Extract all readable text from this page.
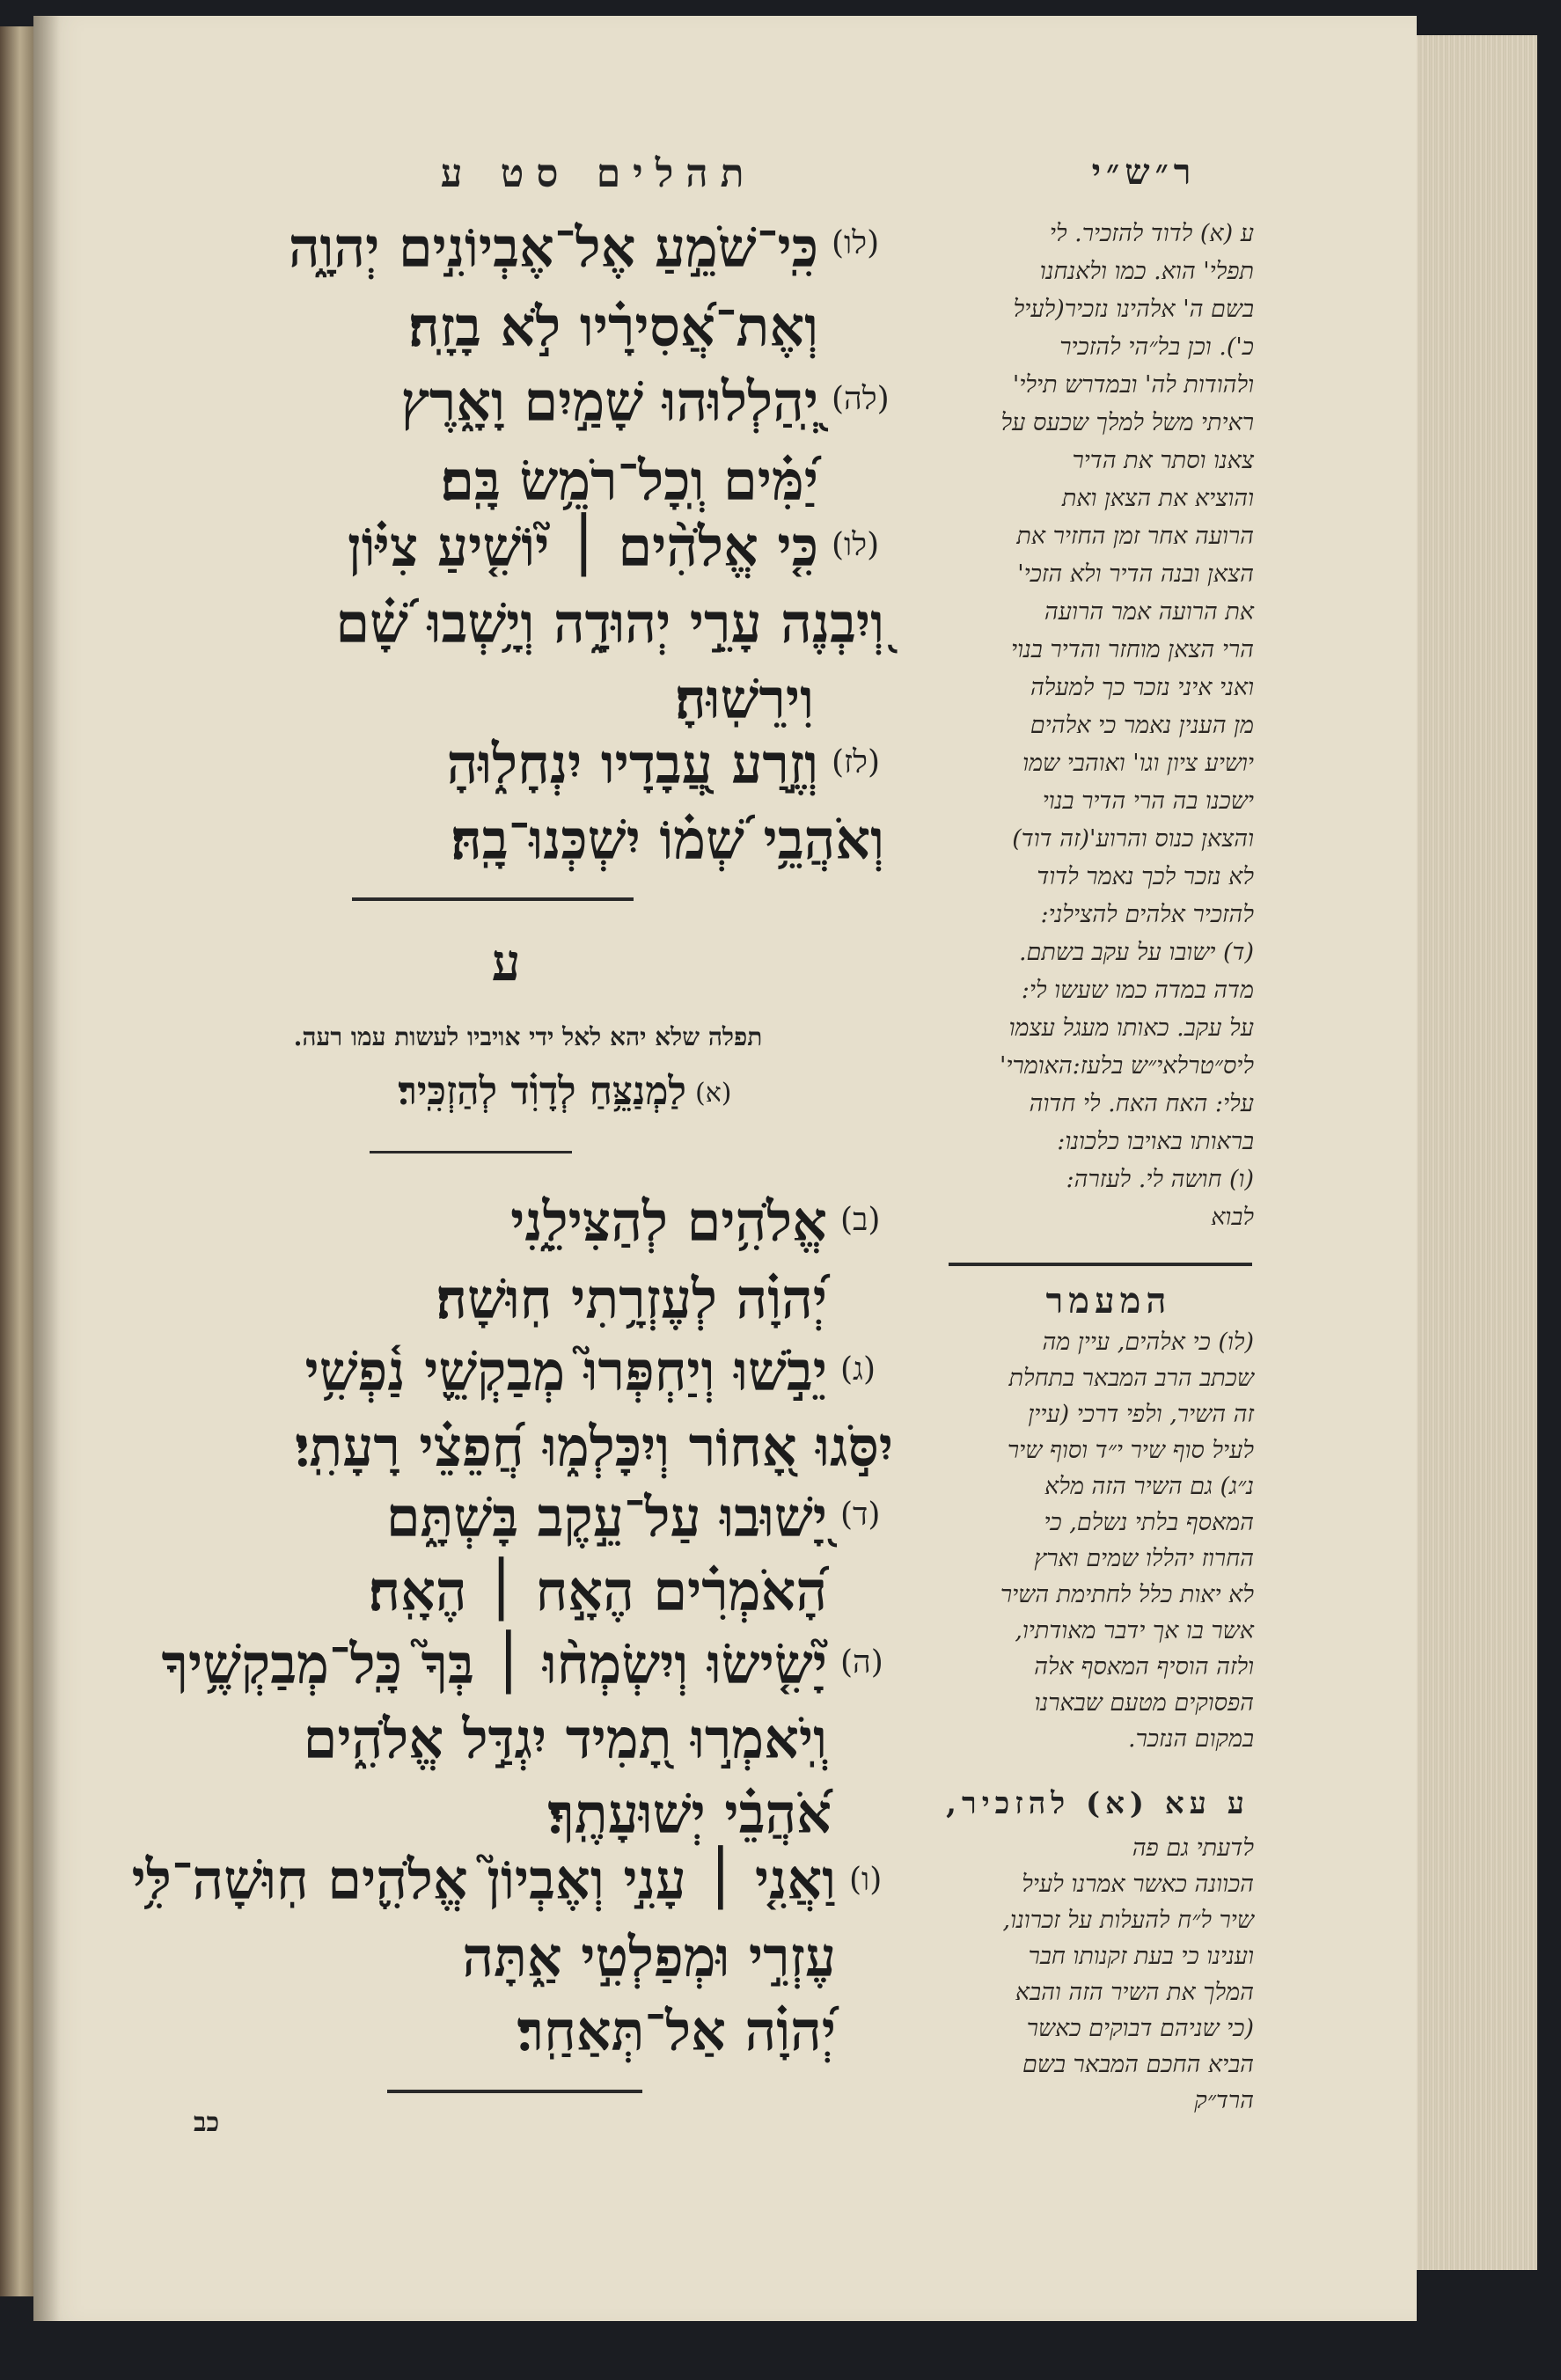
תהלים סט ע
(לו)
כִּֽי־שֹׁמֵ֣עַ אֶל־אֶבְיוֹנִ֣ים יְהוָ֑ה
וְאֶת־אֲ֝סִירָ֗יו לֹ֣א בָזָֽה׃
(לה)
יְֽ֭הַלְלוּהוּ שָׁמַ֣יִם וָאָ֑רֶץ
יַ֝מִּ֗ים וְֽכָל־רֹמֵ֥שׂ בָּֽם׃
(לו)
כִּ֤י אֱלֹהִ֨ים ׀ י֘וֹשִׁ֤יעַ צִיּ֗וֹן
וְ֭יִבְנֶה עָרֵ֣י יְהוּדָ֑ה וְיָ֥שְׁבוּ שָׁ֝֗ם
וִירֵשֽׁוּהָ׃
(לז)
וְזֶ֣רַע עֲ֭בָדָיו יִנְחָל֑וּהָ
וְאֹהֲבֵ֥י שְׁ֝מ֗וֹ יִשְׁכְּנוּ־בָֽהּ׃
ע
תפלה שלא יהא לאל ידי אויביו לעשות עמו רעה.
(א)
לַמְנַצֵּ֥חַ לְדָוִ֗ד לְהַזְכִּֽיר׃
(ב)
אֱלֹהִ֥ים לְהַצִּילֵ֑נִי
יְ֝הוָ֗ה לְעֶזְרָ֥תִי חֽוּשָׁה׃
(ג)
יֵבֹ֣שׁוּ וְיַחְפְּרוּ֮ מְבַקְשֵׁ֢י נַ֫פְשִׁ֥י
יִסֹּ֣גוּ אָ֭חוֹר וְיִכָּלְמ֑וּ חֲ֝פֵצֵ֗י רָעָתִֽי׃
(ד)
יָ֭שׁוּבוּ עַל־עֵ֣קֶב בָּשְׁתָּ֑ם
הָ֝אֹמְרִ֗ים הֶאָ֣ח ׀ הֶאָֽח׃
(ה)
יָ֘שִׂ֤ישׂוּ וְיִשְׂמְח֨וּ ׀ בְּךָ֮ כָּֽל־מְבַקְשֶׁ֥יךָ
וְֽיֹאמְר֣וּ תָ֭מִיד יִגְדַּ֣ל אֱלֹהִ֑ים
אֹ֝הֲבֵ֗י יְשׁוּעָתֶֽךָ׃
(ו)
וַאֲנִ֤י ׀ עָנִ֣י וְאֶבְיוֹן֮ אֱלֹהִ֪ים חֽוּשָׁה־לִּ֥י
עֶזְרִ֣י וּמְפַלְטִ֣י אַ֑תָּה
יְ֝הוָ֗ה אַל־תְּאַחַֽר׃
כב
ר״ש״י
ע (א) לדוד להזכיר. לי
תפלי' הוא. כמו ולאנחנו
בשם ה' אלהינו נזכיר(לעיל
כ'). וכן בל״הי להזכיר
ולהודות לה' ובמדרש תילי'
ראיתי משל למלך שכעס על
צאנו וסתר את הדיר
והוציא את הצאן ואת
הרועה אחר זמן החזיר את
הצאן ובנה הדיר ולא הזכי'
את הרועה אמר הרועה
הרי הצאן מוחזר והדיר בנוי
ואני איני נזכר כך למעלה
מן הענין נאמר כי אלהים
יושיע ציון וגו' ואוהבי שמו
ישכנו בה הרי הדיר בנוי
והצאן כנוס והרוע'(זה דוד)
לא נזכר לכך נאמר לדוד
להזכיר אלהים להצילני:
(ד) ישובו על עקב בשתם.
מדה במדה כמו שעשו לי:
על עקב. כאותו מעגל עצמו
ליס״טרלאי״ש בלעז:האומרי'
עלי: האח האח. לי חדוה
בראותו באויבו כלכונו:
(ו) חושה לי. לעזרה:
לבוא
המעמר
(לו) כי אלהים, עיין מה
שכתב הרב המבאר בתחלת
זה השיר, ולפי דרכי (עיין
לעיל סוף שיר י״ד וסוף שיר
נ״ג) גם השיר הזה מלא
המאסף בלתי נשלם, כי
החרוז יהללו שמים וארץ
לא יאות כלל לחתימת השיר
אשר בו אך ידבר מאודתיו,
ולזה הוסיף המאסף אלה
הפסוקים מטעם שבארנו
במקום הנזכר.
ע עא (א) להזכיר,
לדעתי גם פה
הכוונה כאשר אמרנו לעיל
שיר ל״ח להעלות על זכרונו,
וענינו כי בעת זקנותו חבר
המלך את השיר הזה והבא
(כי שניהם דבוקים כאשר
הביא החכם המבאר בשם
הרד״ק
